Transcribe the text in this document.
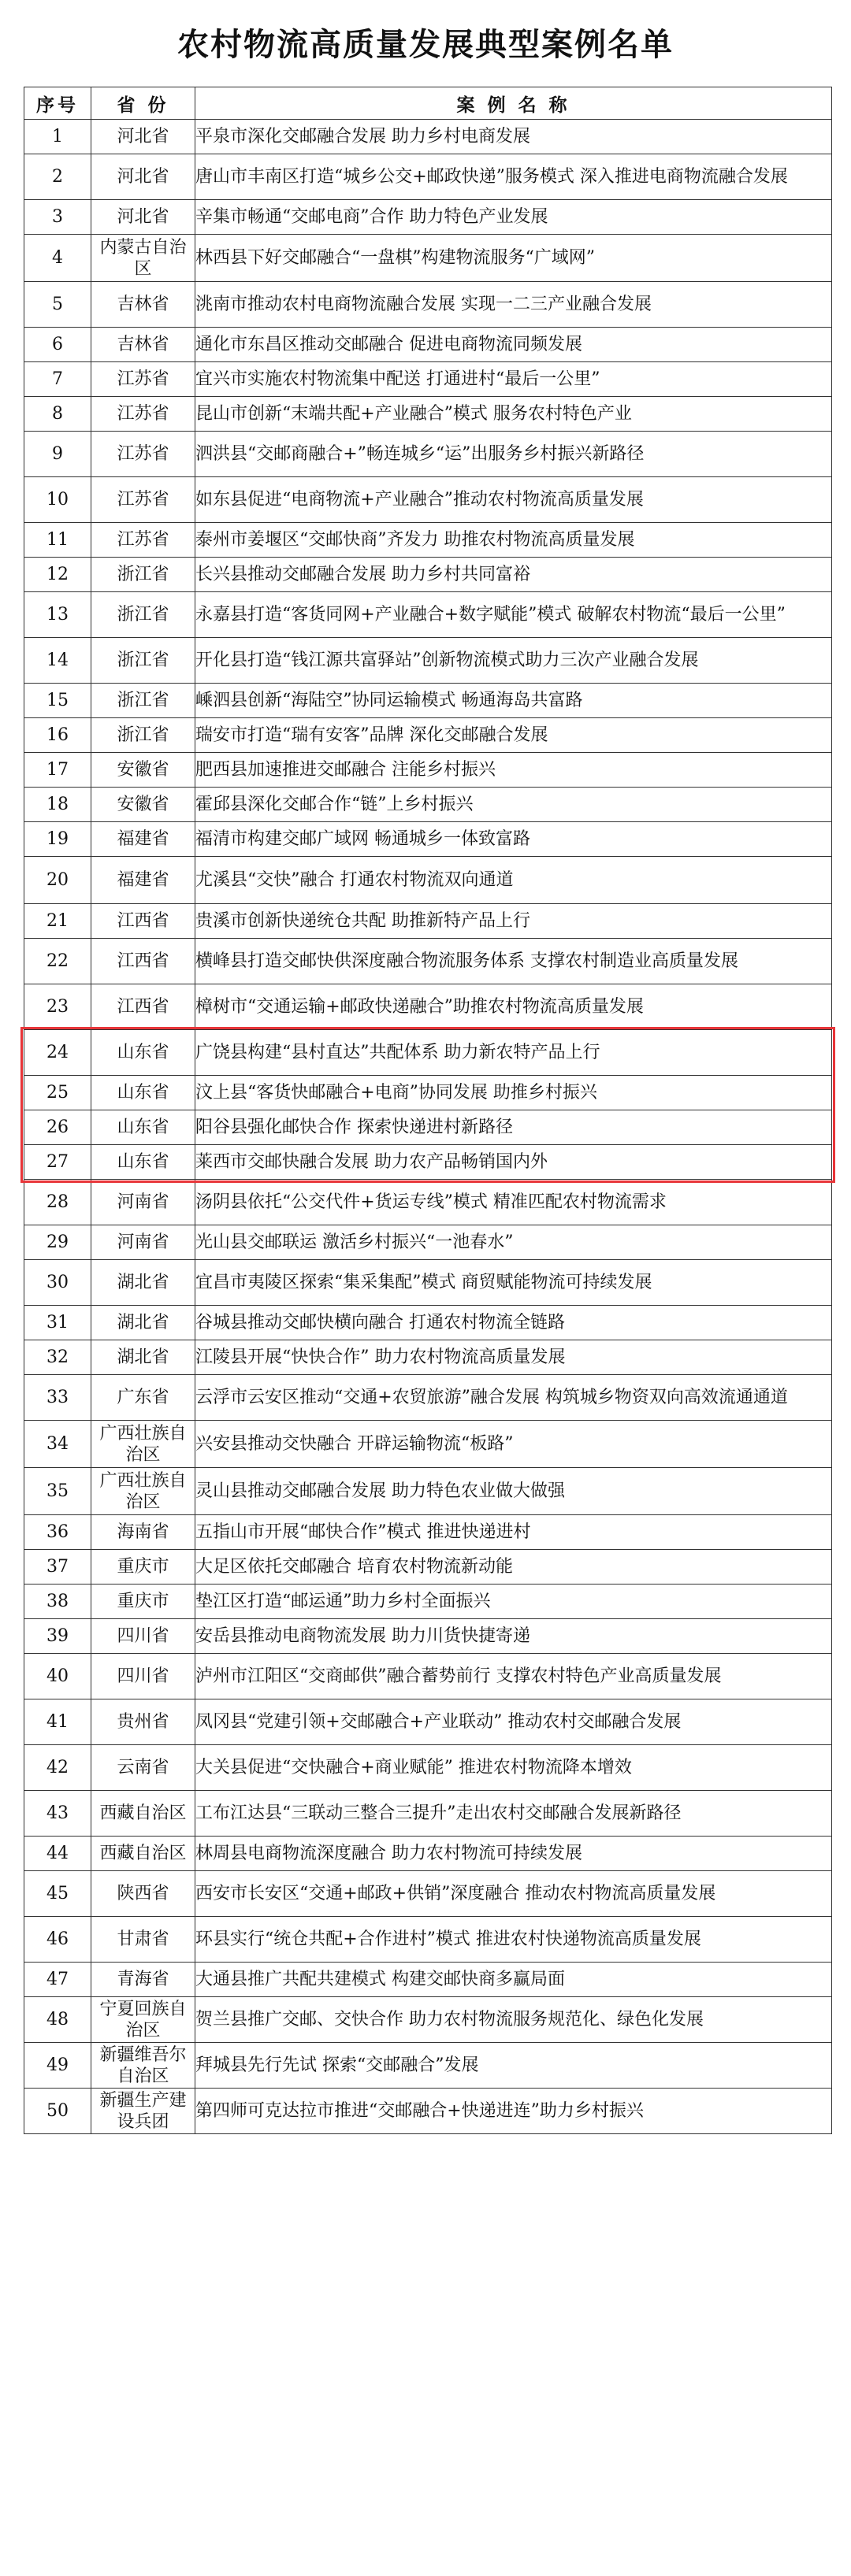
农村物流高质量发展典型案例名单
序号	省 份	案 例 名 称
1	河北省	平泉市深化交邮融合发展 助力乡村电商发展
2	河北省	唐山市丰南区打造“城乡公交+邮政快递”服务模式 深入推进电商物流融合发展
3	河北省	辛集市畅通“交邮电商”合作 助力特色产业发展
4	内蒙古自治区	林西县下好交邮融合“一盘棋”构建物流服务“广域网”
5	吉林省	洮南市推动农村电商物流融合发展 实现一二三产业融合发展
6	吉林省	通化市东昌区推动交邮融合 促进电商物流同频发展
7	江苏省	宜兴市实施农村物流集中配送 打通进村“最后一公里”
8	江苏省	昆山市创新“末端共配+产业融合”模式 服务农村特色产业
9	江苏省	泗洪县“交邮商融合+”畅连城乡“运”出服务乡村振兴新路径
10	江苏省	如东县促进“电商物流+产业融合”推动农村物流高质量发展
11	江苏省	泰州市姜堰区“交邮快商”齐发力 助推农村物流高质量发展
12	浙江省	长兴县推动交邮融合发展 助力乡村共同富裕
13	浙江省	永嘉县打造“客货同网+产业融合+数字赋能”模式 破解农村物流“最后一公里”
14	浙江省	开化县打造“钱江源共富驿站”创新物流模式助力三次产业融合发展
15	浙江省	嵊泗县创新“海陆空”协同运输模式 畅通海岛共富路
16	浙江省	瑞安市打造“瑞有安客”品牌 深化交邮融合发展
17	安徽省	肥西县加速推进交邮融合 注能乡村振兴
18	安徽省	霍邱县深化交邮合作“链”上乡村振兴
19	福建省	福清市构建交邮广域网 畅通城乡一体致富路
20	福建省	尤溪县“交快”融合 打通农村物流双向通道
21	江西省	贵溪市创新快递统仓共配 助推新特产品上行
22	江西省	横峰县打造交邮快供深度融合物流服务体系 支撑农村制造业高质量发展
23	江西省	樟树市“交通运输+邮政快递融合”助推农村物流高质量发展
24	山东省	广饶县构建“县村直达”共配体系 助力新农特产品上行
25	山东省	汶上县“客货快邮融合+电商”协同发展 助推乡村振兴
26	山东省	阳谷县强化邮快合作 探索快递进村新路径
27	山东省	莱西市交邮快融合发展 助力农产品畅销国内外
28	河南省	汤阴县依托“公交代件+货运专线”模式 精准匹配农村物流需求
29	河南省	光山县交邮联运 激活乡村振兴“一池春水”
30	湖北省	宜昌市夷陵区探索“集采集配”模式 商贸赋能物流可持续发展
31	湖北省	谷城县推动交邮快横向融合 打通农村物流全链路
32	湖北省	江陵县开展“快快合作” 助力农村物流高质量发展
33	广东省	云浮市云安区推动“交通+农贸旅游”融合发展 构筑城乡物资双向高效流通通道
34	广西壮族自治区	兴安县推动交快融合 开辟运输物流“板路”
35	广西壮族自治区	灵山县推动交邮融合发展 助力特色农业做大做强
36	海南省	五指山市开展“邮快合作”模式 推进快递进村
37	重庆市	大足区依托交邮融合 培育农村物流新动能
38	重庆市	垫江区打造“邮运通”助力乡村全面振兴
39	四川省	安岳县推动电商物流发展 助力川货快捷寄递
40	四川省	泸州市江阳区“交商邮供”融合蓄势前行 支撑农村特色产业高质量发展
41	贵州省	凤冈县“党建引领+交邮融合+产业联动” 推动农村交邮融合发展
42	云南省	大关县促进“交快融合+商业赋能” 推进农村物流降本增效
43	西藏自治区	工布江达县“三联动三整合三提升”走出农村交邮融合发展新路径
44	西藏自治区	林周县电商物流深度融合 助力农村物流可持续发展
45	陕西省	西安市长安区“交通+邮政+供销”深度融合 推动农村物流高质量发展
46	甘肃省	环县实行“统仓共配+合作进村”模式 推进农村快递物流高质量发展
47	青海省	大通县推广共配共建模式 构建交邮快商多赢局面
48	宁夏回族自治区	贺兰县推广交邮、交快合作 助力农村物流服务规范化、绿色化发展
49	新疆维吾尔自治区	拜城县先行先试 探索“交邮融合”发展
50	新疆生产建设兵团	第四师可克达拉市推进“交邮融合+快递进连”助力乡村振兴
